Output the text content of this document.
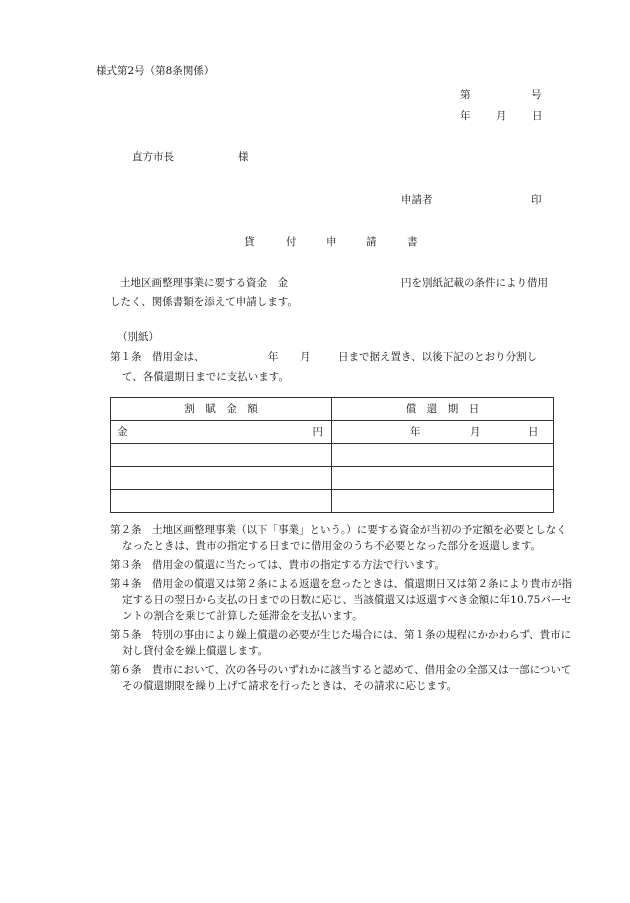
様式第2号（第8条関係）
第	号
年 月 日
直方市長	様
申請者	印
貸	付	申	請	書
土地区画整理事業に要する資金　金	円を別紙記載の条件により借用
したく、関係書類を添えて申請します。
（別紙）
第１条　借用金は、	年 月	日まで据え置き、以後下記のとおり分割し
て、各償還期日までに支払います。
割　賦　金　額	償　還　期　日

金 円	年 月 日

第２条　土地区画整理事業（以下「事業」という。）に要する資金が当初の予定額を必要としなくなったときは、貴市の指定する日までに借用金のうち不必要となった部分を返還します。

第３条　借用金の償還に当たっては、貴市の指定する方法で行います。

第４条　借用金の償還又は第２条による返還を怠ったときは、償還期日又は第２条により貴市が指定する日の翌日から支払の日までの日数に応じ、当該償還又は返還すべき金額に年10.75パーセントの割合を乗じて計算した延滞金を支払います。

第５条　特別の事由により繰上償還の必要が生じた場合には、第１条の規程にかかわらず、貴市に対し貸付金を繰上償還します。

第６条　貴市において、次の各号のいずれかに該当すると認めて、借用金の全部又は一部についてその償還期限を繰り上げて請求を行ったときは、その請求に応じます。
